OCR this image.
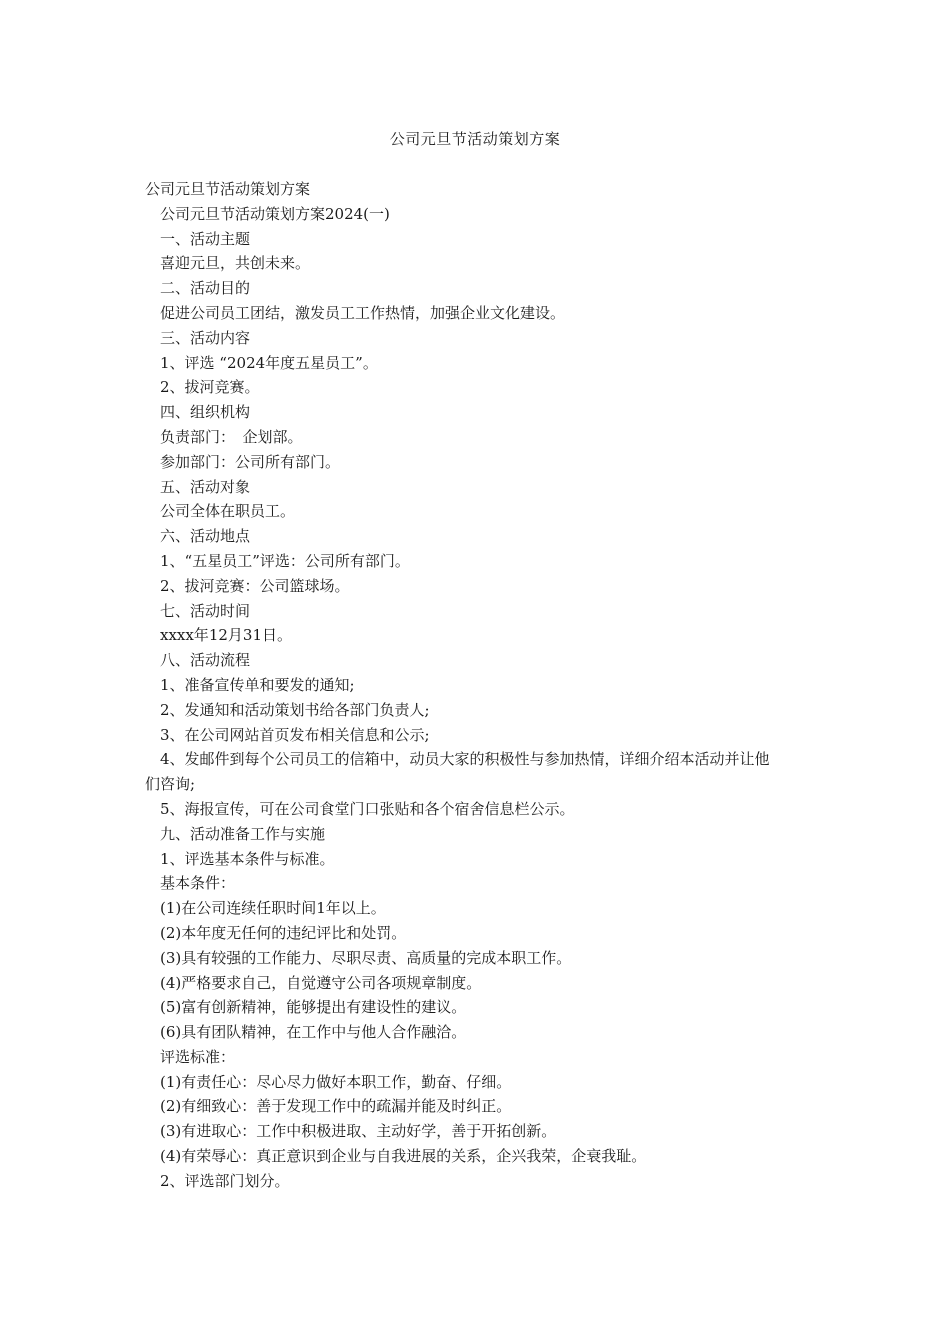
公司元旦节活动策划方案
公司元旦节活动策划方案
公司元旦节活动策划方案2024(一)
一、活动主题
喜迎元旦，共创未来。
二、活动目的
促进公司员工团结，激发员工工作热情，加强企业文化建设。
三、活动内容
1、评选 “2024年度五星员工”。
2、拔河竞赛。
四、组织机构
负责部门：　企划部。
参加部门：公司所有部门。
五、活动对象
公司全体在职员工。
六、活动地点
1、“五星员工”评选：公司所有部门。
2、拔河竞赛：公司篮球场。
七、活动时间
xxxx年12月31日。
八、活动流程
1、准备宣传单和要发的通知;
2、发通知和活动策划书给各部门负责人;
3、在公司网站首页发布相关信息和公示;
4、发邮件到每个公司员工的信箱中，动员大家的积极性与参加热情，详细介绍本活动并让他
们咨询;
5、海报宣传，可在公司食堂门口张贴和各个宿舍信息栏公示。
九、活动准备工作与实施
1、评选基本条件与标准。
基本条件：
(1)在公司连续任职时间1年以上。
(2)本年度无任何的违纪评比和处罚。
(3)具有较强的工作能力、尽职尽责、高质量的完成本职工作。
(4)严格要求自己，自觉遵守公司各项规章制度。
(5)富有创新精神，能够提出有建设性的建议。
(6)具有团队精神，在工作中与他人合作融洽。
评选标准：
(1)有责任心：尽心尽力做好本职工作，勤奋、仔细。
(2)有细致心：善于发现工作中的疏漏并能及时纠正。
(3)有进取心：工作中积极进取、主动好学，善于开拓创新。
(4)有荣辱心：真正意识到企业与自我进展的关系，企兴我荣，企衰我耻。
2、评选部门划分。
